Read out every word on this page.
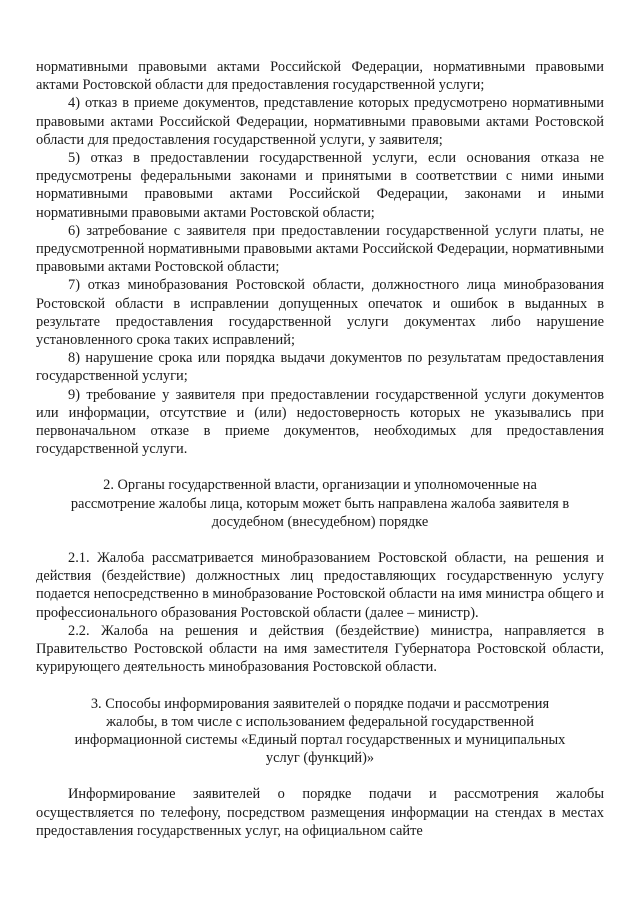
нормативными правовыми актами Российской Федерации, нормативными правовыми актами Ростовской области для предоставления государственной услуги;

4) отказ в приеме документов, представление которых предусмотрено нормативными правовыми актами Российской Федерации, нормативными правовыми актами Ростовской области для предоставления государственной услуги, у заявителя;

5) отказ в предоставлении государственной услуги, если основания отказа не предусмотрены федеральными законами и принятыми в соответствии с ними иными нормативными правовыми актами Российской Федерации, законами и иными нормативными правовыми актами Ростовской области;

6) затребование с заявителя при предоставлении государственной услуги платы, не предусмотренной нормативными правовыми актами Российской Федерации, нормативными правовыми актами Ростовской области;

7) отказ минобразования Ростовской области, должностного лица минобразования Ростовской области в исправлении допущенных опечаток и ошибок в выданных в результате предоставления государственной услуги документах либо нарушение установленного срока таких исправлений;

8) нарушение срока или порядка выдачи документов по результатам предоставления государственной услуги;

9) требование у заявителя при предоставлении государственной услуги документов или информации, отсутствие и (или) недостоверность которых не указывались при первоначальном отказе в приеме документов, необходимых для предоставления государственной услуги.

2. Органы государственной власти, организации и уполномоченные на рассмотрение жалобы лица, которым может быть направлена жалоба заявителя в досудебном (внесудебном) порядке

2.1. Жалоба рассматривается минобразованием Ростовской области, на решения и действия (бездействие) должностных лиц предоставляющих государственную услугу подается непосредственно в минобразование Ростовской области на имя министра общего и профессионального образования Ростовской области (далее – министр).

2.2. Жалоба на решения и действия (бездействие) министра, направляется в Правительство Ростовской области на имя заместителя Губернатора Ростовской области, курирующего деятельность минобразования Ростовской области.

3. Способы информирования заявителей о порядке подачи и рассмотрения жалобы, в том числе с использованием федеральной государственной информационной системы «Единый портал государственных и муниципальных услуг (функций)»

Информирование заявителей о порядке подачи и рассмотрения жалобы осуществляется по телефону, посредством размещения информации на стендах в местах предоставления государственных услуг, на официальном сайте
